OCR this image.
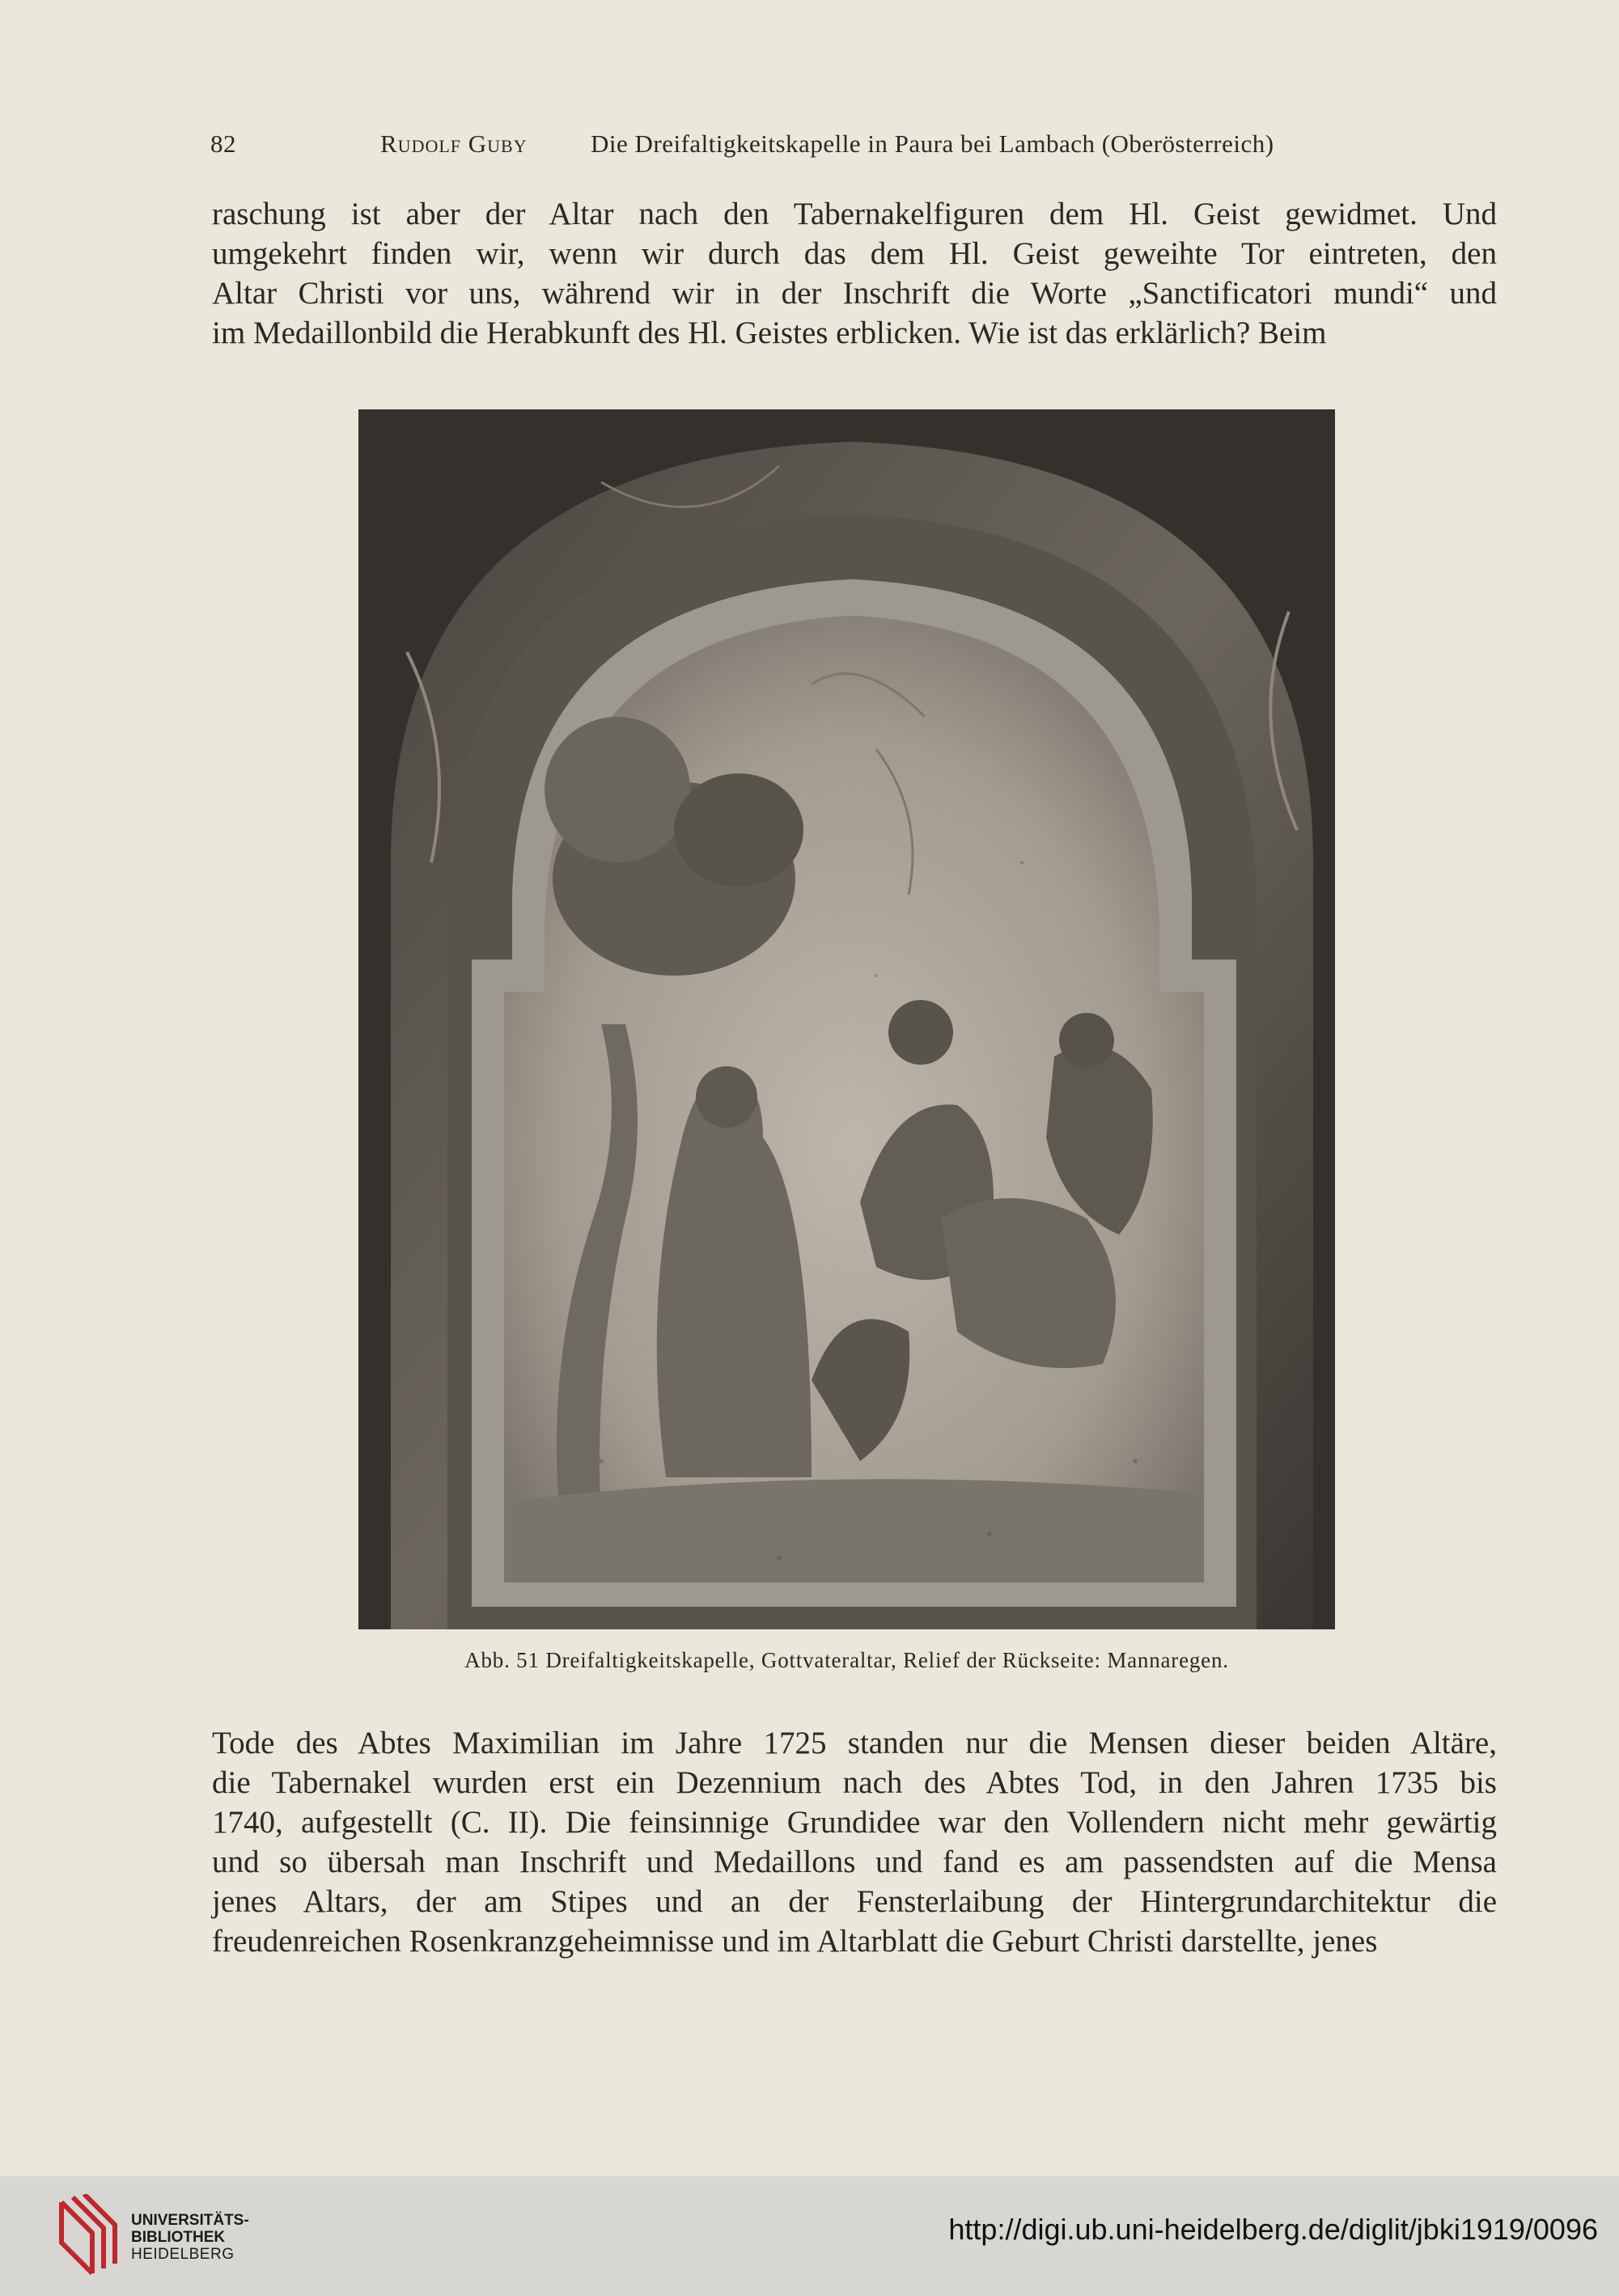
82	Rudolf Guby	Die Dreifaltigkeitskapelle in Paura bei Lambach (Oberösterreich)
raschung ist aber der Altar nach den Tabernakelfiguren dem Hl. Geist gewidmet. Und
umgekehrt finden wir, wenn wir durch das dem Hl. Geist geweihte Tor eintreten, den
Altar Christi vor uns, während wir in der Inschrift die Worte „Sanctificatori mundi“ und
im Medaillonbild die Herabkunft des Hl. Geistes erblicken. Wie ist das erklärlich? Beim
Abb. 51 Dreifaltigkeitskapelle, Gottvateraltar, Relief der Rückseite: Mannaregen.
Tode des Abtes Maximilian im Jahre 1725 standen nur die Mensen dieser beiden Altäre,
die Tabernakel wurden erst ein Dezennium nach des Abtes Tod, in den Jahren 1735 bis
1740, aufgestellt (C. II). Die feinsinnige Grundidee war den Vollendern nicht mehr gewärtig
und so übersah man Inschrift und Medaillons und fand es am passendsten auf die Mensa
jenes Altars, der am Stipes und an der Fensterlaibung der Hintergrundarchitektur die
freudenreichen Rosenkranzgeheimnisse und im Altarblatt die Geburt Christi darstellte, jenes
UNIVERSITÄTS-
BIBLIOTHEK
HEIDELBERG
http://digi.ub.uni-heidelberg.de/diglit/jbki1919/0096
